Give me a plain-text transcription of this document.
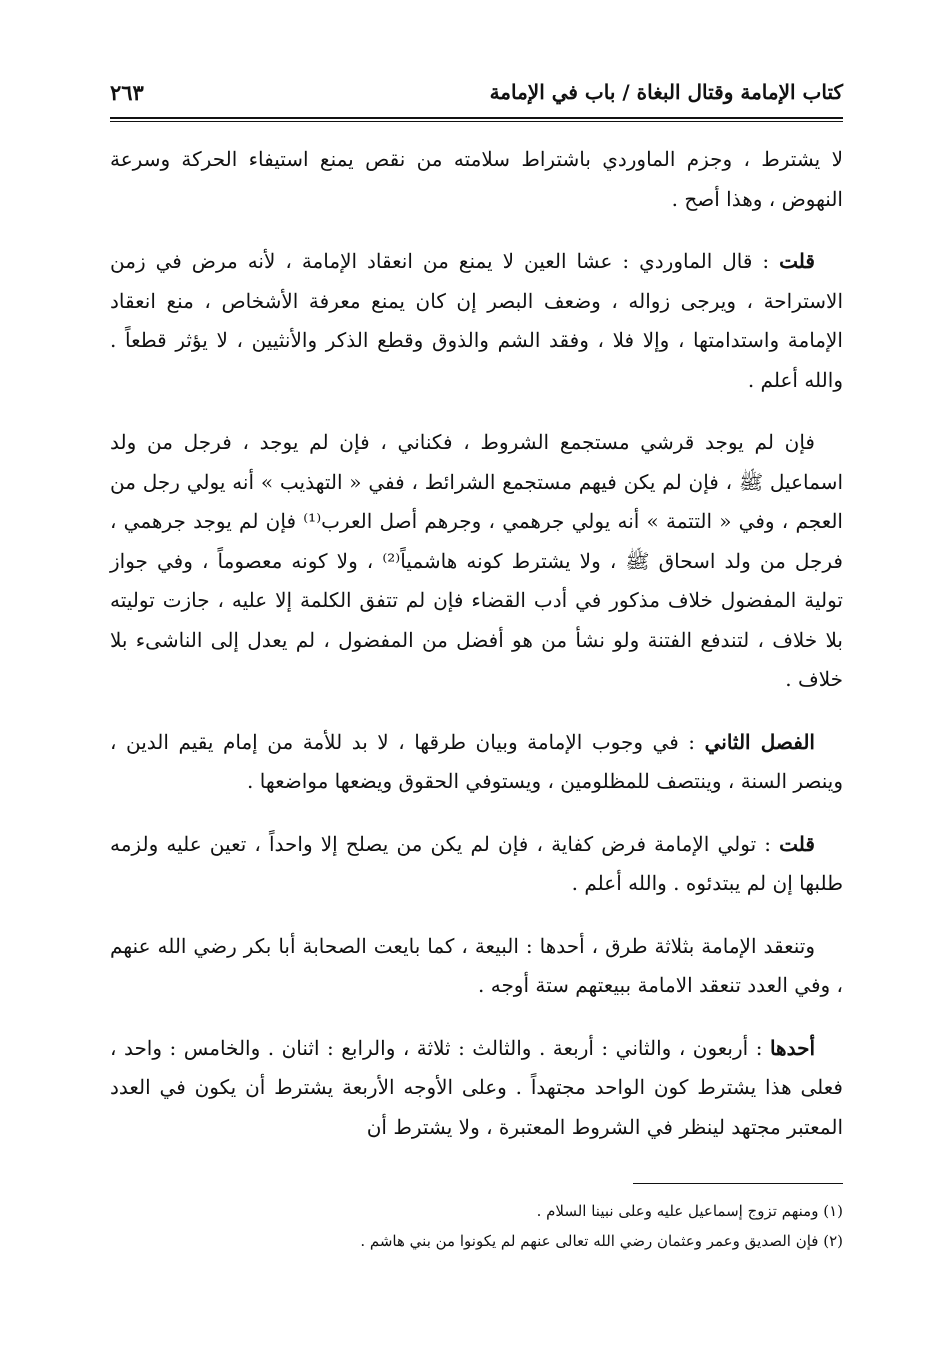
كتاب الإمامة وقتال البغاة / باب في الإمامة
٢٦٣

لا يشترط ، وجزم الماوردي باشتراط سلامته من نقص يمنع استيفاء الحركة وسرعة النهوض ، وهذا أصح .

قلت : قال الماوردي : عشا العين لا يمنع من انعقاد الإمامة ، لأنه مرض في زمن الاستراحة ، ويرجى زواله ، وضعف البصر إن كان يمنع معرفة الأشخاص ، منع انعقاد الإمامة واستدامتها ، وإلا فلا ، وفقد الشم والذوق وقطع الذكر والأنثيين ، لا يؤثر قطعاً . والله أعلم .

فإن لم يوجد قرشي مستجمع الشروط ، فكناني ، فإن لم يوجد ، فرجل من ولد اسماعيل ﷺ ، فإن لم يكن فيهم مستجمع الشرائط ، ففي « التهذيب » أنه يولي رجل من العجم ، وفي « التتمة » أنه يولي جرهمي ، وجرهم أصل العرب⁽¹⁾ فإن لم يوجد جرهمي ، فرجل من ولد اسحاق ﷺ ، ولا يشترط كونه هاشمياً⁽²⁾ ، ولا كونه معصوماً ، وفي جواز تولية المفضول خلاف مذكور في أدب القضاء فإن لم تتفق الكلمة إلا عليه ، جازت توليته بلا خلاف ، لتندفع الفتنة ولو نشأ من هو أفضل من المفضول ، لم يعدل إلى الناشىء بلا خلاف .

الفصل الثاني : في وجوب الإمامة وبيان طرقها ، لا بد للأمة من إمام يقيم الدين ، وينصر السنة ، وينتصف للمظلومين ، ويستوفي الحقوق ويضعها مواضعها .

قلت : تولي الإمامة فرض كفاية ، فإن لم يكن من يصلح إلا واحداً ، تعين عليه ولزمه طلبها إن لم يبتدئوه . والله أعلم .

وتنعقد الإمامة بثلاثة طرق ، أحدها : البيعة ، كما بايعت الصحابة أبا بكر رضي الله عنهم ، وفي العدد تنعقد الامامة ببيعتهم ستة أوجه .

أحدها : أربعون ، والثاني : أربعة . والثالث : ثلاثة ، والرابع : اثنان . والخامس : واحد ، فعلى هذا يشترط كون الواحد مجتهداً . وعلى الأوجه الأربعة يشترط أن يكون في العدد المعتبر مجتهد لينظر في الشروط المعتبرة ، ولا يشترط أن

(١) ومنهم تزوج إسماعيل عليه وعلى نبينا السلام .

(٢) فإن الصديق وعمر وعثمان رضي الله تعالى عنهم لم يكونوا من بني هاشم .
